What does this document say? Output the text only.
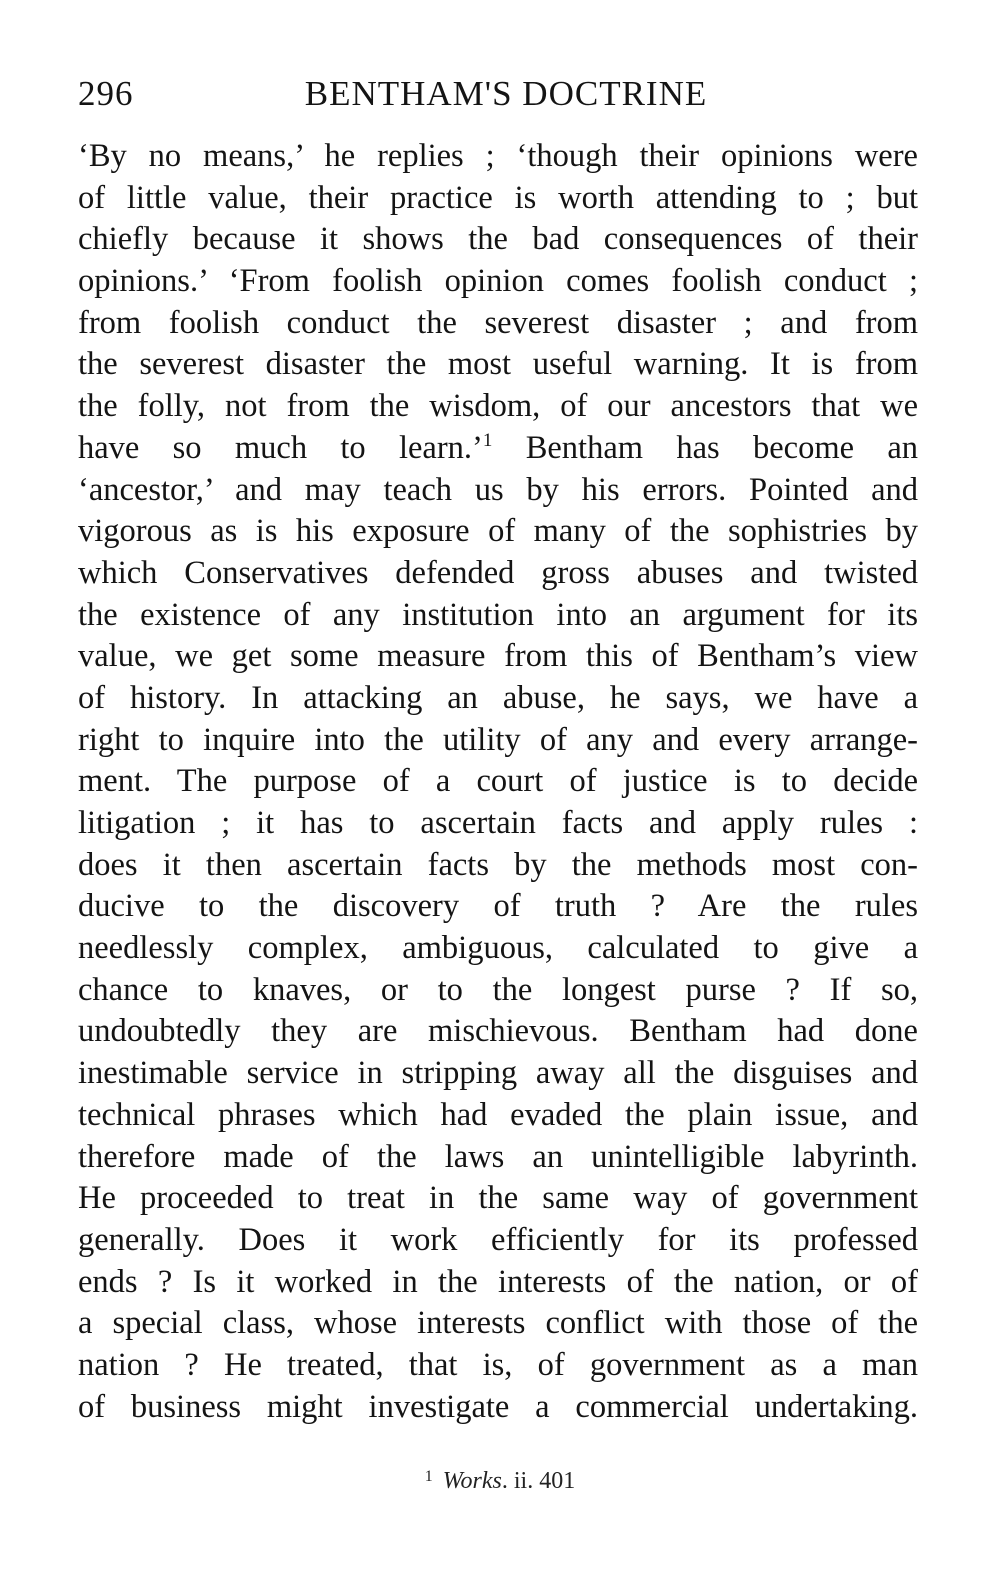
296	BENTHAM'S DOCTRINE
‘By no means,’ he replies ; ‘though their opinions were
of little value, their practice is worth attending to ; but
chiefly because it shows the bad consequences of their
opinions.’ ‘From foolish opinion comes foolish conduct ;
from foolish conduct the severest disaster ; and from
the severest disaster the most useful warning. It is from
the folly, not from the wisdom, of our ancestors that we
have so much to learn.’$^1$ Bentham has become an
‘ancestor,’ and may teach us by his errors. Pointed and
vigorous as is his exposure of many of the sophistries by
which Conservatives defended gross abuses and twisted
the existence of any institution into an argument for its
value, we get some measure from this of Bentham’s view
of history. In attacking an abuse, he says, we have a
right to inquire into the utility of any and every arrange-
ment. The purpose of a court of justice is to decide
litigation ; it has to ascertain facts and apply rules :
does it then ascertain facts by the methods most con-
ducive to the discovery of truth ? Are the rules
needlessly complex, ambiguous, calculated to give a
chance to knaves, or to the longest purse ? If so,
undoubtedly they are mischievous. Bentham had done
inestimable service in stripping away all the disguises and
technical phrases which had evaded the plain issue, and
therefore made of the laws an unintelligible labyrinth.
He proceeded to treat in the same way of government
generally. Does it work efficiently for its professed
ends ? Is it worked in the interests of the nation, or of
a special class, whose interests conflict with those of the
nation ? He treated, that is, of government as a man
of business might investigate a commercial undertaking.
$^1$ Works. ii. 401
